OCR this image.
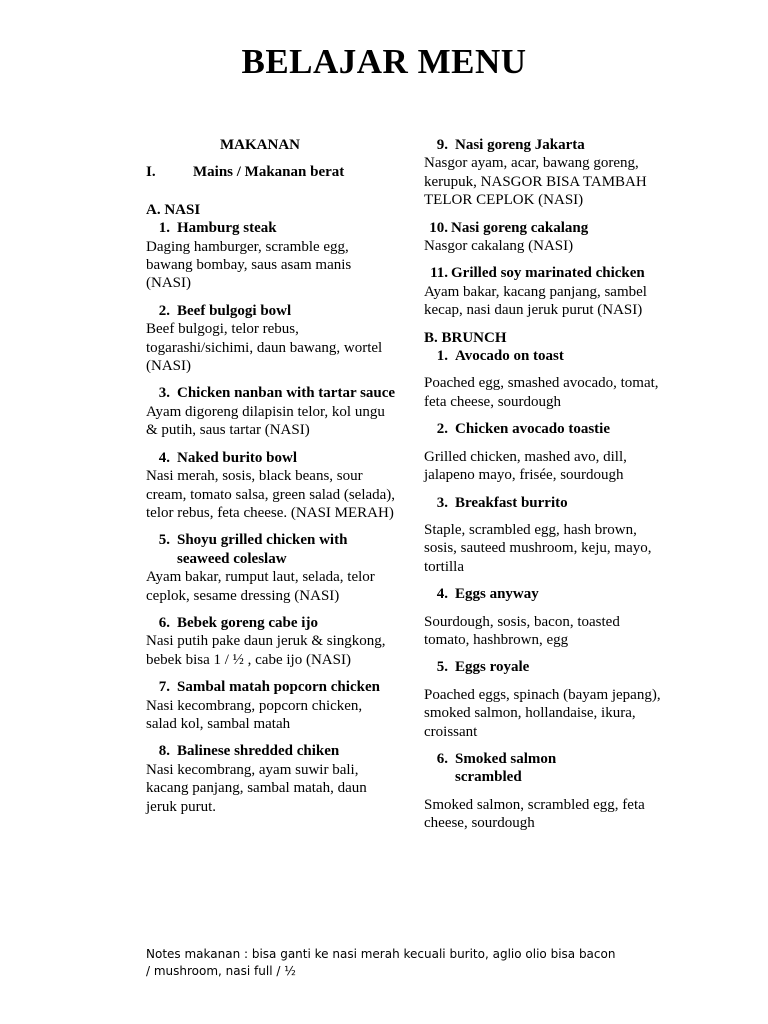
BELAJAR MENU
MAKANAN
I.	Mains / Makanan berat
A. NASI
1. Hamburg steak
Daging hamburger, scramble egg, bawang bombay, saus asam manis (NASI)
2. Beef bulgogi bowl
Beef bulgogi, telor rebus, togarashi/sichimi, daun bawang, wortel (NASI)
3. Chicken nanban with tartar sauce
Ayam digoreng dilapisin telor, kol ungu & putih, saus tartar (NASI)
4. Naked burito bowl
Nasi merah, sosis, black beans, sour cream, tomato salsa, green salad (selada), telor rebus, feta cheese. (NASI MERAH)
5. Shoyu grilled chicken with seaweed coleslaw
Ayam bakar, rumput laut, selada, telor ceplok, sesame dressing (NASI)
6. Bebek goreng cabe ijo
Nasi putih pake daun jeruk & singkong, bebek bisa 1 / ½ , cabe ijo (NASI)
7. Sambal matah popcorn chicken
Nasi kecombrang, popcorn chicken, salad kol, sambal matah
8. Balinese shredded chiken
Nasi kecombrang, ayam suwir bali, kacang panjang, sambal matah, daun jeruk purut.
9. Nasi goreng Jakarta
Nasgor ayam, acar, bawang goreng, kerupuk, NASGOR BISA TAMBAH TELOR CEPLOK (NASI)
10. Nasi goreng cakalang
Nasgor cakalang (NASI)
11. Grilled soy marinated chicken
Ayam bakar, kacang panjang, sambel kecap, nasi daun jeruk purut (NASI)
B. BRUNCH
1. Avocado on toast
Poached egg, smashed avocado, tomat, feta cheese, sourdough
2. Chicken avocado toastie
Grilled chicken, mashed avo, dill, jalapeno mayo, frisée, sourdough
3. Breakfast burrito
Staple, scrambled egg, hash brown, sosis, sauteed mushroom, keju, mayo, tortilla
4. Eggs anyway
Sourdough, sosis, bacon, toasted tomato, hashbrown, egg
5. Eggs royale
Poached eggs, spinach (bayam jepang), smoked salmon, hollandaise, ikura, croissant
6. Smoked salmon scrambled
Smoked salmon, scrambled egg, feta cheese, sourdough
Notes makanan : bisa ganti ke nasi merah kecuali burito, aglio olio bisa bacon / mushroom, nasi full / ½
